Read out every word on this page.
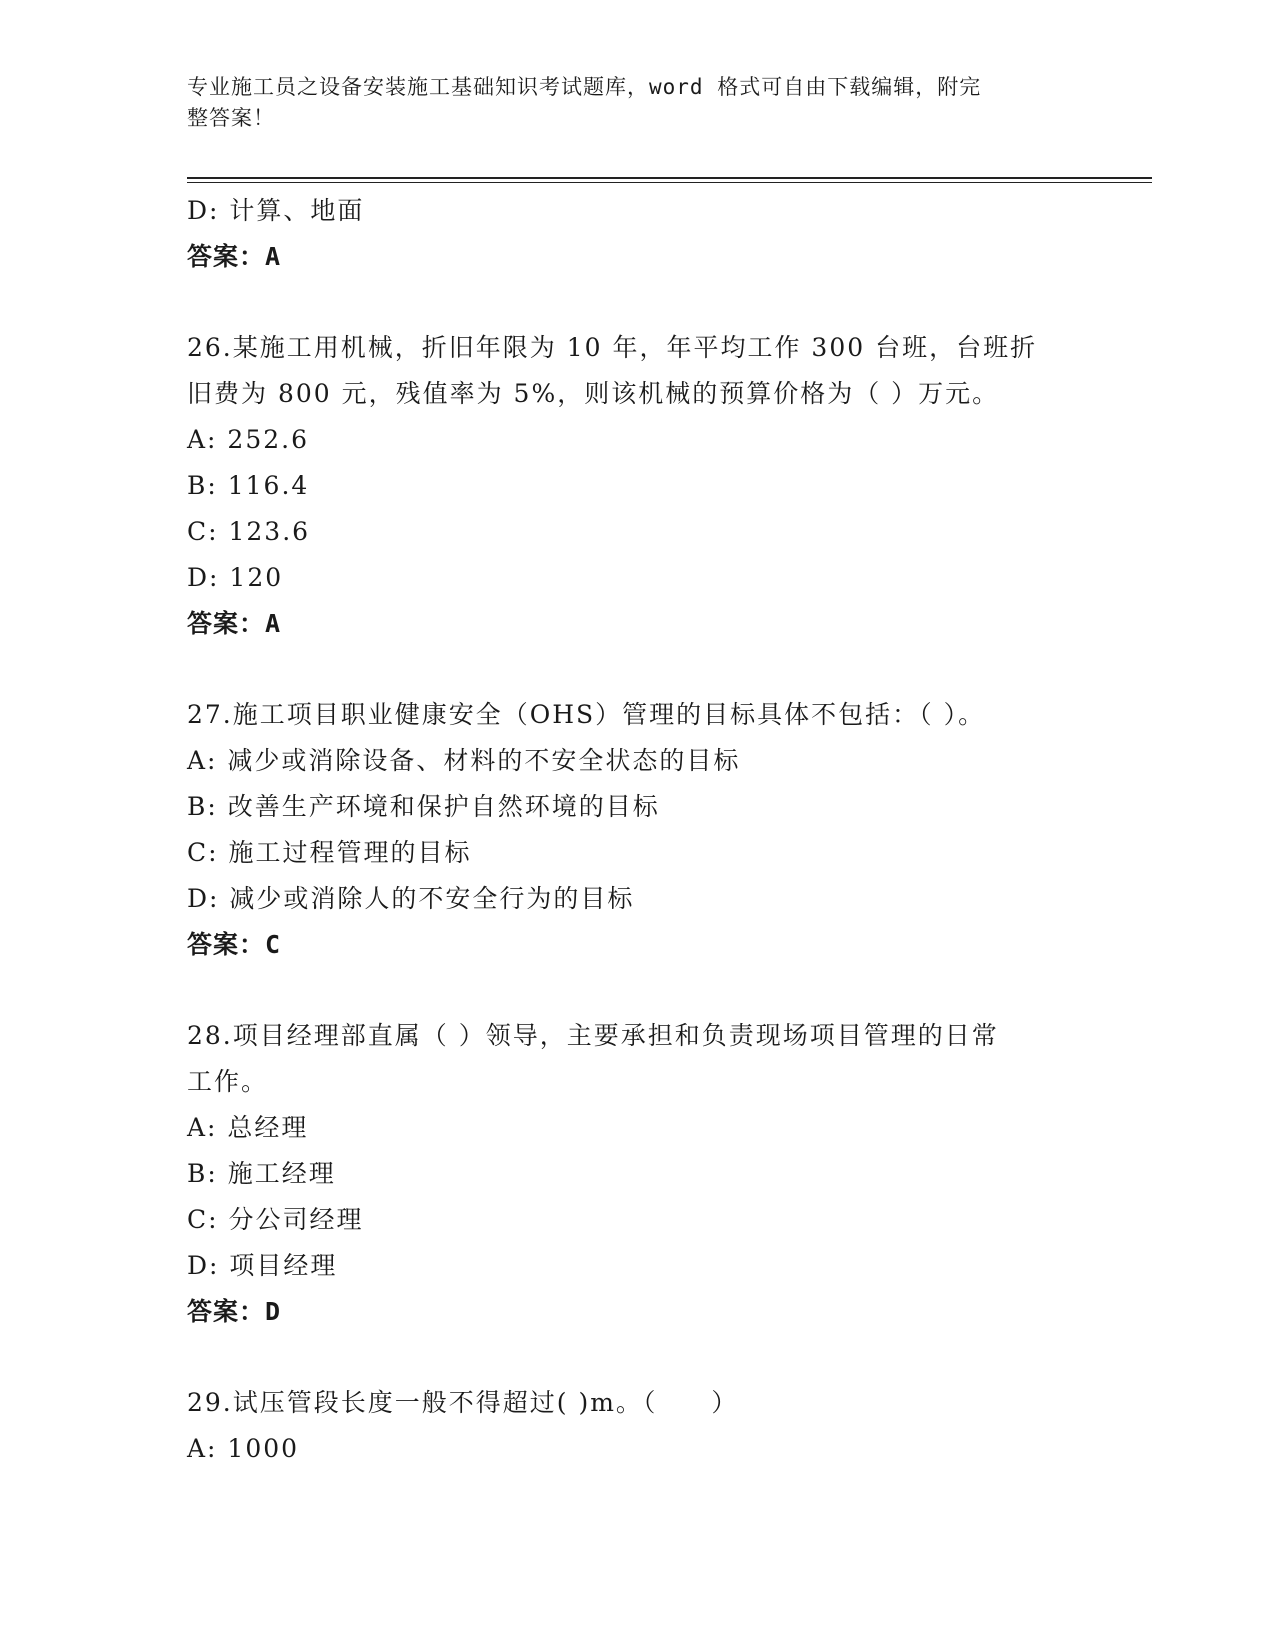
专业施工员之设备安装施工基础知识考试题库，word 格式可自由下载编辑，附完
整答案！
D: 计算、地面
答案：A
26.某施工用机械，折旧年限为 10 年，年平均工作 300 台班，台班折
旧费为 800 元，残值率为 5%，则该机械的预算价格为（ ）万元。
A: 252.6
B: 116.4
C: 123.6
D: 120
答案：A
27.施工项目职业健康安全（OHS）管理的目标具体不包括：（ ）。
A: 减少或消除设备、材料的不安全状态的目标
B: 改善生产环境和保护自然环境的目标
C: 施工过程管理的目标
D: 减少或消除人的不安全行为的目标
答案：C
28.项目经理部直属（ ）领导，主要承担和负责现场项目管理的日常
工作。
A: 总经理
B: 施工经理
C: 分公司经理
D: 项目经理
答案：D
29.试压管段长度一般不得超过( )m。（　　）
A: 1000
